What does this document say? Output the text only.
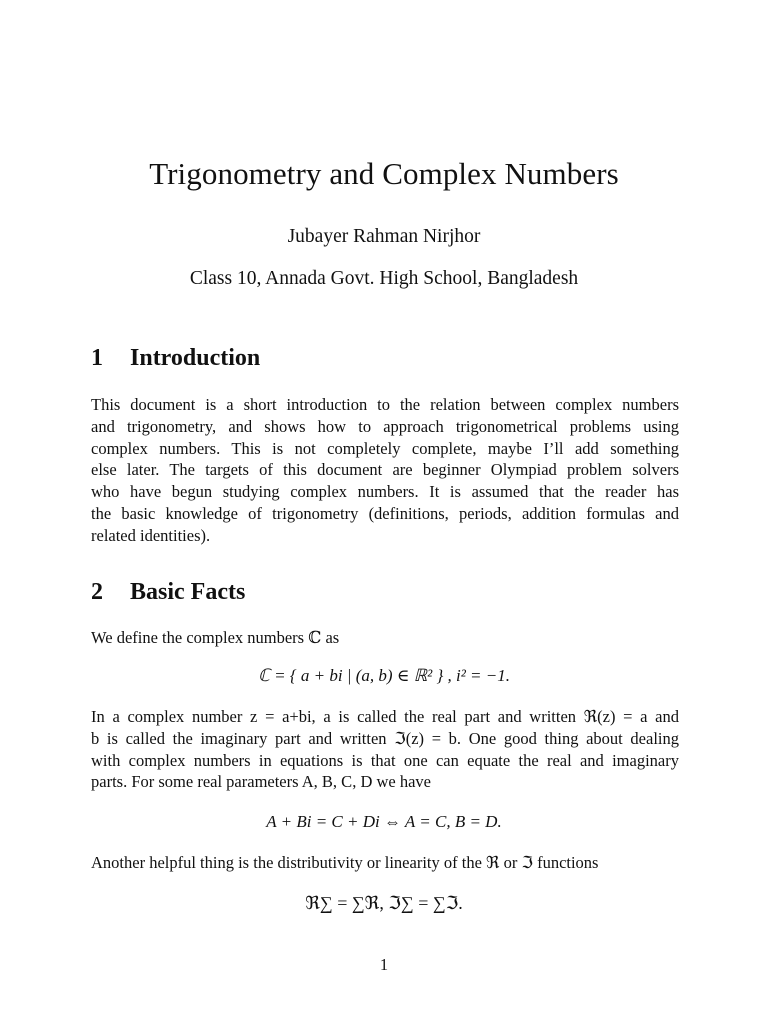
Trigonometry and Complex Numbers
Jubayer Rahman Nirjhor
Class 10, Annada Govt. High School, Bangladesh
1 Introduction
This document is a short introduction to the relation between complex numbers
and trigonometry, and shows how to approach trigonometrical problems using
complex numbers. This is not completely complete, maybe I’ll add something
else later. The targets of this document are beginner Olympiad problem solvers
who have begun studying complex numbers. It is assumed that the reader has
the basic knowledge of trigonometry (definitions, periods, addition formulas and
related identities).
2 Basic Facts
We define the complex numbers ℂ as
ℂ = { a + bi | (a, b) ∈ ℝ² } , i² = −1.
In a complex number z = a+bi, a is called the real part and written ℜ(z) = a and
b is called the imaginary part and written ℑ(z) = b. One good thing about dealing
with complex numbers in equations is that one can equate the real and imaginary
parts. For some real parameters A, B, C, D we have
A + Bi = C + Di ⇔ A = C, B = D.
Another helpful thing is the distributivity or linearity of the ℜ or ℑ functions
ℜ∑ = ∑ℜ, ℑ∑ = ∑ℑ.
1
